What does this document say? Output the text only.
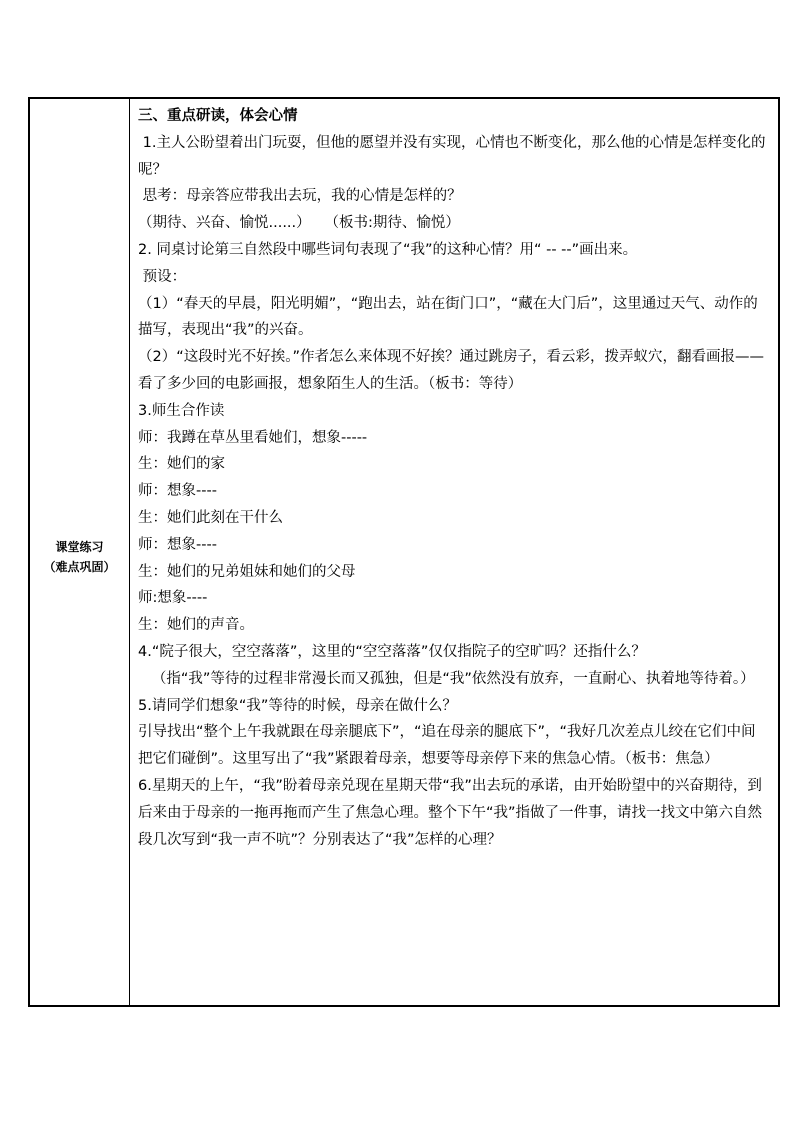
课堂练习
（难点巩固）

三、重点研读，体会心情

1.主人公盼望着出门玩耍，但他的愿望并没有实现，心情也不断变化，那么他的心情是怎样变化的呢？

思考：母亲答应带我出去玩，我的心情是怎样的？

（期待、兴奋、愉悦......）   （板书:期待、愉悦）

2. 同桌讨论第三自然段中哪些词句表现了“我”的这种心情？用“ -- --”画出来。

预设：

（1）“春天的早晨，阳光明媚”，“跑出去，站在街门口”，“藏在大门后”，这里通过天气、动作的描写，表现出“我”的兴奋。

（2）“这段时光不好挨。”作者怎么来体现不好挨？通过跳房子，看云彩，拨弄蚁穴，翻看画报——看了多少回的电影画报，想象陌生人的生活。（板书：等待）

3.师生合作读

师：我蹲在草丛里看她们，想象-----

生：她们的家

师：想象----

生：她们此刻在干什么

师：想象----

生：她们的兄弟姐妹和她们的父母

师:想象----

生：她们的声音。

4.“院子很大，空空落落”，这里的“空空落落”仅仅指院子的空旷吗？还指什么？

（指“我”等待的过程非常漫长而又孤独，但是“我”依然没有放弃，一直耐心、执着地等待着。）

5.请同学们想象“我”等待的时候，母亲在做什么？

引导找出“整个上午我就跟在母亲腿底下”，“追在母亲的腿底下”，“我好几次差点儿绞在它们中间把它们碰倒”。这里写出了“我”紧跟着母亲，想要等母亲停下来的焦急心情。（板书：焦急）

6.星期天的上午，“我”盼着母亲兑现在星期天带“我”出去玩的承诺，由开始盼望中的兴奋期待，到后来由于母亲的一拖再拖而产生了焦急心理。整个下午“我”指做了一件事，请找一找文中第六自然段几次写到“我一声不吭”？分别表达了“我”怎样的心理？
